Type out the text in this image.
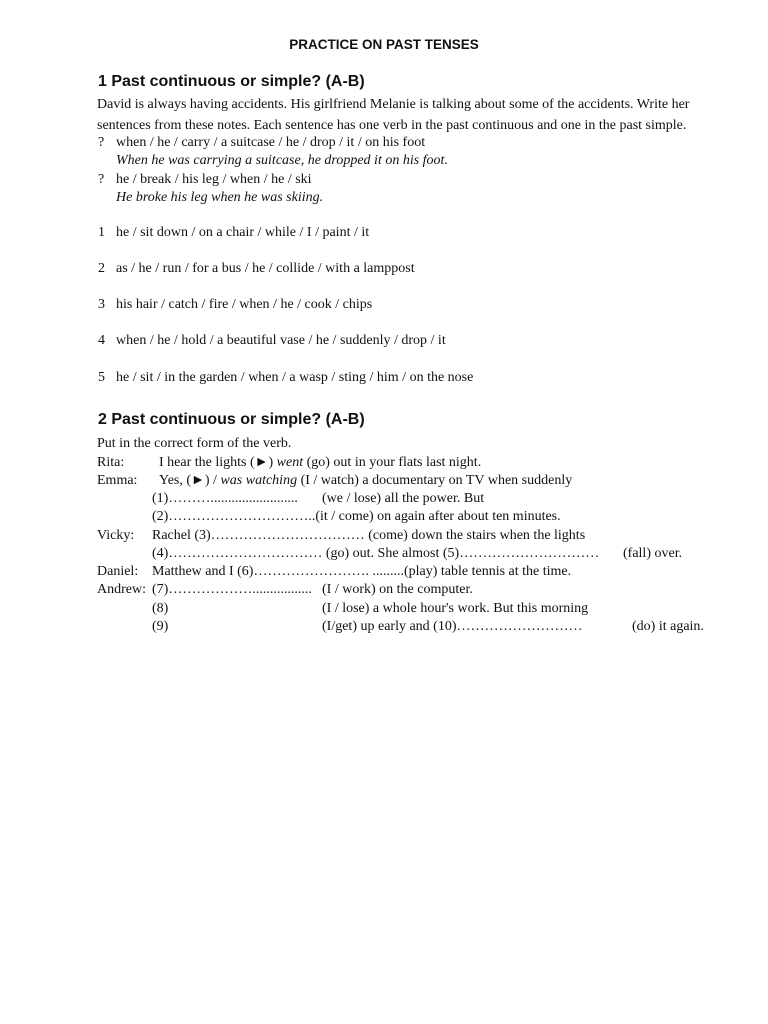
PRACTICE ON PAST TENSES
1 Past continuous or simple? (A-B)
David is always having accidents. His girlfriend Melanie is talking about some of the accidents. Write her
sentences from these notes. Each sentence has one verb in the past continuous and one in the past simple.
? when / he / carry / a suitcase / he / drop / it / on his foot
When he was carrying a suitcase, he dropped it on his foot.
? he / break / his leg / when / he / ski
He broke his leg when he was skiing.
1 he / sit down / on a chair / while / I / paint / it
2 as / he / run / for a bus / he / collide / with a lamppost
3 his hair / catch / fire / when / he / cook / chips
4 when / he / hold / a beautiful vase / he / suddenly / drop / it
5 he / sit / in the garden / when / a wasp / sting / him / on the nose
2 Past continuous or simple? (A-B)
Put in the correct form of the verb.
Rita: I hear the lights (►) went (go) out in your flats last night.
Emma: Yes, (►) / was watching (I / watch) a documentary on TV when suddenly
(1)………......................... (we / lose) all the power. But
(2)…………………………..(it / come) on again after about ten minutes.
Vicky: Rachel (3)…………………………… (come) down the stairs when the lights
(4)…………………………… (go) out. She almost (5)………………………… (fall) over.
Daniel: Matthew and I (6)……………………. .........(play) table tennis at the time.
Andrew: (7)………………................. (I / work) on the computer.
(8)	(I / lose) a whole hour's work. But this morning
(9)	(I/get) up early and (10)………………………	(do) it again.
